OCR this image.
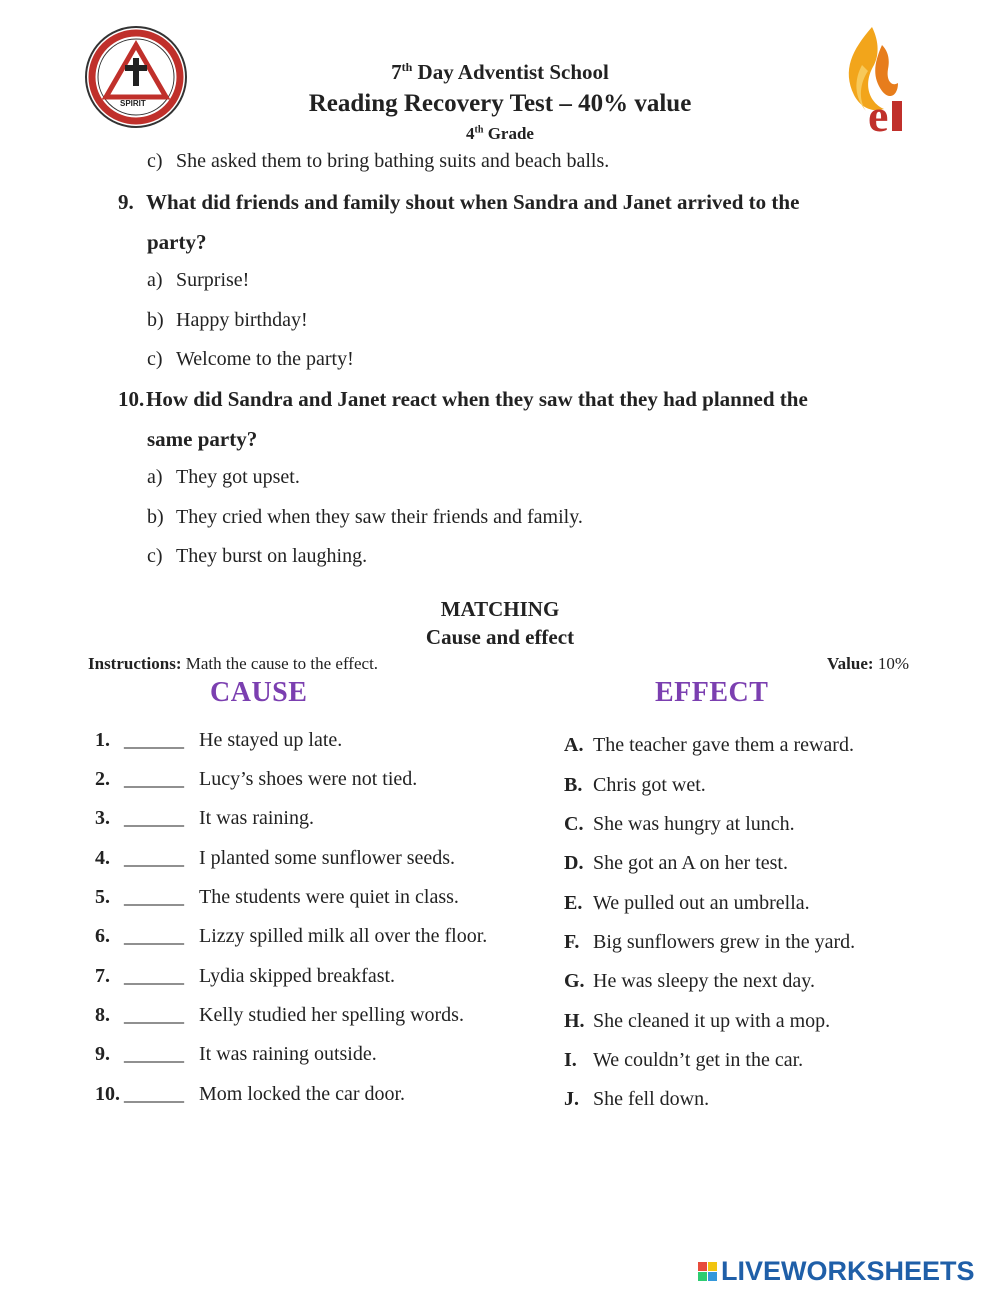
SPIRIT	e
7th Day Adventist School
Reading Recovery Test – 40% value
4th Grade
c) She asked them to bring bathing suits and beach balls.
9. What did friends and family shout when Sandra and Janet arrived to the
party?
a) Surprise!
b) Happy birthday!
c) Welcome to the party!
10.How did Sandra and Janet react when they saw that they had planned the
same party?
a) They got upset.
b) They cried when they saw their friends and family.
c) They burst on laughing.
MATCHING
Cause and effect
Instructions: Math the cause to the effect.	Value: 10%
CAUSE	EFFECT
1. ______ He stayed up late.
2. ______ Lucy’s shoes were not tied.
3. ______ It was raining.
4. ______ I planted some sunflower seeds.
5. ______ The students were quiet in class.
6. ______ Lizzy spilled milk all over the floor.
7. ______ Lydia skipped breakfast.
8. ______ Kelly studied her spelling words.
9. ______ It was raining outside.
10. ______ Mom locked the car door.
A. The teacher gave them a reward.
B. Chris got wet.
C. She was hungry at lunch.
D. She got an A on her test.
E. We pulled out an umbrella.
F. Big sunflowers grew in the yard.
G. He was sleepy the next day.
H. She cleaned it up with a mop.
I. We couldn’t get in the car.
J. She fell down.
LIVEWORKSHEETS
